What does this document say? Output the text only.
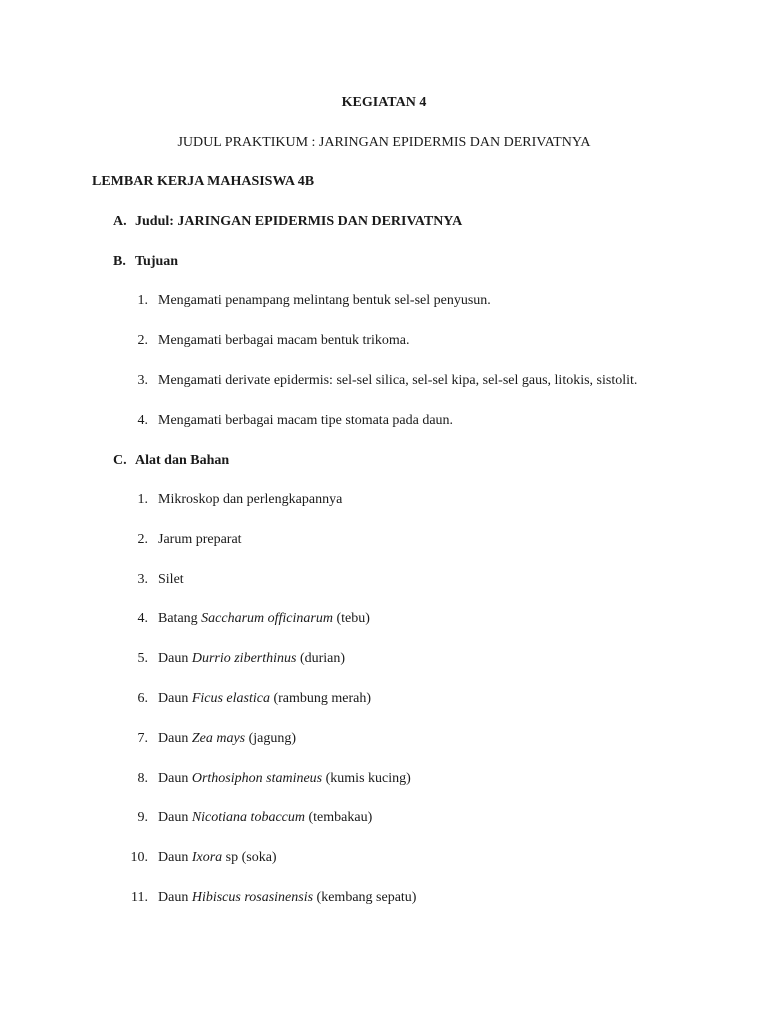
KEGIATAN 4
JUDUL PRAKTIKUM : JARINGAN EPIDERMIS DAN DERIVATNYA
LEMBAR KERJA MAHASISWA 4B
A. Judul: JARINGAN EPIDERMIS DAN DERIVATNYA
B. Tujuan
1. Mengamati penampang melintang bentuk sel-sel penyusun.
2. Mengamati berbagai macam bentuk trikoma.
3. Mengamati derivate epidermis: sel-sel silica, sel-sel kipa, sel-sel gaus, litokis, sistolit.
4. Mengamati berbagai macam tipe stomata pada daun.
C. Alat dan Bahan
1. Mikroskop dan perlengkapannya
2. Jarum preparat
3. Silet
4. Batang Saccharum officinarum (tebu)
5. Daun Durrio ziberthinus (durian)
6. Daun Ficus elastica (rambung merah)
7. Daun Zea mays (jagung)
8. Daun Orthosiphon stamineus (kumis kucing)
9. Daun Nicotiana tobaccum (tembakau)
10. Daun Ixora sp (soka)
11. Daun Hibiscus rosasinensis (kembang sepatu)
